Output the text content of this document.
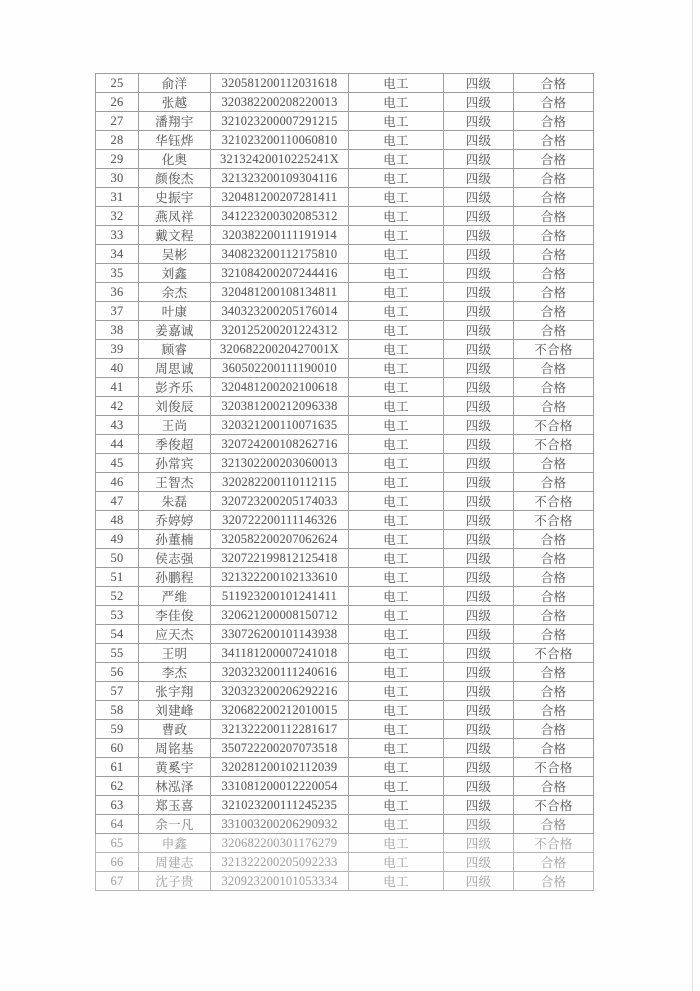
25	俞洋	320581200112031618	电工	四级	合格
26	张越	320382200208220013	电工	四级	合格
27	潘翔宇	321023200007291215	电工	四级	合格
28	华钰烨	321023200110060810	电工	四级	合格
29	化奥	32132420010225241X	电工	四级	合格
30	颜俊杰	321323200109304116	电工	四级	合格
31	史振宇	320481200207281411	电工	四级	合格
32	燕凤祥	341223200302085312	电工	四级	合格
33	戴文程	320382200111191914	电工	四级	合格
34	吴彬	340823200112175810	电工	四级	合格
35	刘鑫	321084200207244416	电工	四级	合格
36	余杰	320481200108134811	电工	四级	合格
37	叶康	340323200205176014	电工	四级	合格
38	姜嘉诚	320125200201224312	电工	四级	合格
39	顾睿	32068220020427001X	电工	四级	不合格
40	周思诚	360502200111190010	电工	四级	合格
41	彭齐乐	320481200202100618	电工	四级	合格
42	刘俊辰	320381200212096338	电工	四级	合格
43	王尚	320321200110071635	电工	四级	不合格
44	季俊超	320724200108262716	电工	四级	不合格
45	孙常宾	321302200203060013	电工	四级	合格
46	王智杰	320282200110112115	电工	四级	合格
47	朱磊	320723200205174033	电工	四级	不合格
48	乔婷婷	320722200111146326	电工	四级	不合格
49	孙董楠	320582200207062624	电工	四级	合格
50	侯志强	320722199812125418	电工	四级	合格
51	孙鹏程	321322200102133610	电工	四级	合格
52	严维	511923200101241411	电工	四级	合格
53	李佳俊	320621200008150712	电工	四级	合格
54	应天杰	330726200101143938	电工	四级	合格
55	王明	341181200007241018	电工	四级	不合格
56	李杰	320323200111240616	电工	四级	合格
57	张宇翔	320323200206292216	电工	四级	合格
58	刘建峰	320682200212010015	电工	四级	合格
59	曹政	321322200112281617	电工	四级	合格
60	周铭基	350722200207073518	电工	四级	合格
61	黄奚宇	320281200102112039	电工	四级	不合格
62	林泓泽	331081200012220054	电工	四级	合格
63	郑玉喜	321023200111245235	电工	四级	不合格
64	余一凡	331003200206290932	电工	四级	合格
65	申鑫	320682200301176279	电工	四级	不合格
66	周建志	321322200205092233	电工	四级	合格
67	沈子贵	320923200101053334	电工	四级	合格
